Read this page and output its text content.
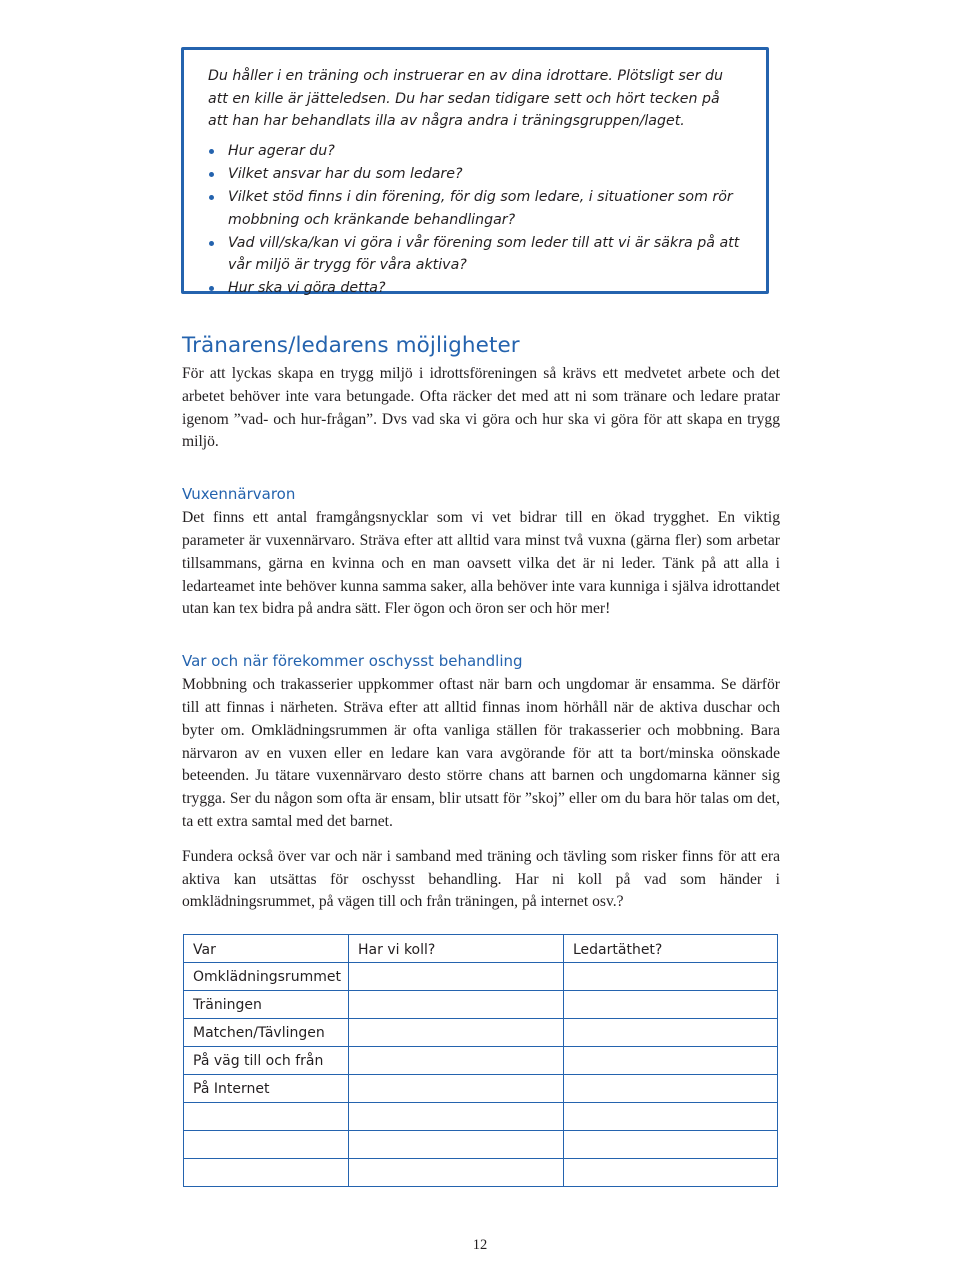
Du håller i en träning och instruerar en av dina idrottare. Plötsligt ser du att en kille är jätteledsen. Du har sedan tidigare sett och hört tecken på att han har behandlats illa av några andra i träningsgruppen/laget.

Hur agerar du?
Vilket ansvar har du som ledare?
Vilket stöd finns i din förening, för dig som ledare, i situationer som rör mobbning och kränkande behandlingar?
Vad vill/ska/kan vi göra i vår förening som leder till att vi är säkra på att vår miljö är trygg för våra aktiva?
Hur ska vi göra detta?
Tränarens/ledarens möjligheter

För att lyckas skapa en trygg miljö i idrottsföreningen så krävs ett medvetet arbete och det arbetet behöver inte vara betungade. Ofta räcker det med att ni som tränare och ledare pratar igenom ”vad- och hur-frågan”. Dvs vad ska vi göra och hur ska vi göra för att skapa en trygg miljö.

Vuxennärvaron

Det finns ett antal framgångsnycklar som vi vet bidrar till en ökad trygghet. En viktig parameter är vuxennärvaro. Sträva efter att alltid vara minst två vuxna (gärna fler) som arbetar tillsammans, gärna en kvinna och en man oavsett vilka det är ni leder. Tänk på att alla i ledarteamet inte behöver kunna samma saker, alla behöver inte vara kunniga i själva idrottandet utan kan tex bidra på andra sätt. Fler ögon och öron ser och hör mer!

Var och när förekommer oschysst behandling

Mobbning och trakasserier uppkommer oftast när barn och ungdomar är ensamma. Se därför till att finnas i närheten. Sträva efter att alltid finnas inom hörhåll när de aktiva duschar och byter om. Omklädningsrummen är ofta vanliga ställen för trakasserier och mobbning. Bara närvaron av en vuxen eller en ledare kan vara avgörande för att ta bort/minska oönskade beteenden. Ju tätare vuxennärvaro desto större chans att barnen och ungdomarna känner sig trygga. Ser du någon som ofta är ensam, blir utsatt för ”skoj” eller om du bara hör talas om det, ta ett extra samtal med det barnet.

Fundera också över var och när i samband med träning och tävling som risker finns för att era aktiva kan utsättas för oschysst behandling. Har ni koll på vad som händer i omklädningsrummet, på vägen till och från träningen, på internet osv.?

Var	Har vi koll?	Ledartäthet?
Omklädningsrummet		
Träningen		
Matchen/Tävlingen		
På väg till och från		
På Internet		

12
